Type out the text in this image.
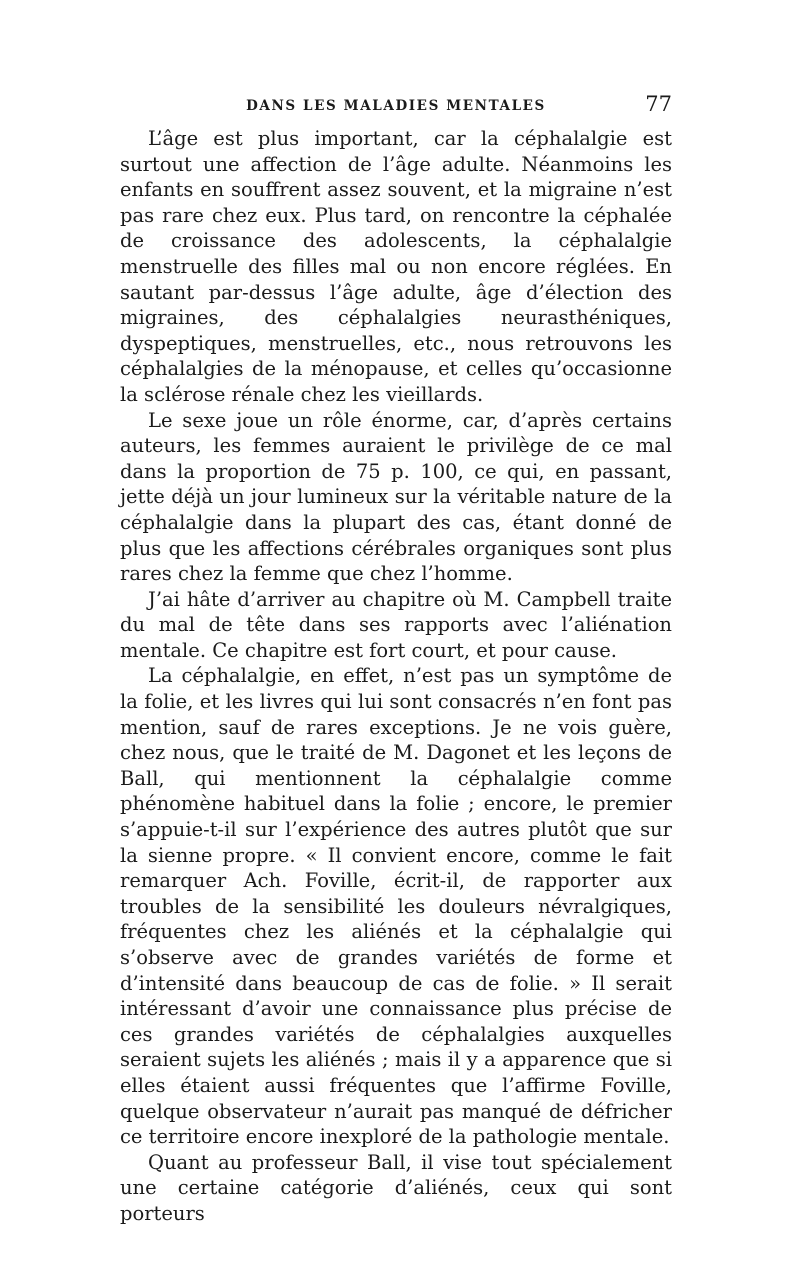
DANS LES MALADIES MENTALES	77

L’âge est plus important, car la céphalalgie est surtout une affection de l’âge adulte. Néanmoins les enfants en souffrent assez souvent, et la migraine n’est pas rare chez eux. Plus tard, on rencontre la céphalée de croissance des adolescents, la céphalalgie menstruelle des filles mal ou non encore réglées. En sautant par-dessus l’âge adulte, âge d’élection des migraines, des céphalalgies neurasthéniques, dyspeptiques, menstruelles, etc., nous retrouvons les céphalalgies de la ménopause, et celles qu’occasionne la sclérose rénale chez les vieillards.

Le sexe joue un rôle énorme, car, d’après certains auteurs, les femmes auraient le privilège de ce mal dans la proportion de 75 p. 100, ce qui, en passant, jette déjà un jour lumineux sur la véritable nature de la céphalalgie dans la plupart des cas, étant donné de plus que les affections cérébrales organiques sont plus rares chez la femme que chez l’homme.

J’ai hâte d’arriver au chapitre où M. Campbell traite du mal de tête dans ses rapports avec l’aliénation mentale. Ce chapitre est fort court, et pour cause.

La céphalalgie, en effet, n’est pas un symptôme de la folie, et les livres qui lui sont consacrés n’en font pas mention, sauf de rares exceptions. Je ne vois guère, chez nous, que le traité de M. Dagonet et les leçons de Ball, qui mentionnent la céphalalgie comme phénomène habituel dans la folie ; encore, le premier s’appuie-t-il sur l’expérience des autres plutôt que sur la sienne propre. « Il convient encore, comme le fait remarquer Ach. Foville, écrit-il, de rapporter aux troubles de la sensibilité les douleurs névralgiques, fréquentes chez les aliénés et la céphalalgie qui s’observe avec de grandes variétés de forme et d’intensité dans beaucoup de cas de folie. » Il serait intéressant d’avoir une connaissance plus précise de ces grandes variétés de céphalalgies auxquelles seraient sujets les aliénés ; mais il y a apparence que si elles étaient aussi fréquentes que l’affirme Foville, quelque observateur n’aurait pas manqué de défricher ce territoire encore inexploré de la pathologie mentale.

Quant au professeur Ball, il vise tout spécialement une certaine catégorie d’aliénés, ceux qui sont porteurs
